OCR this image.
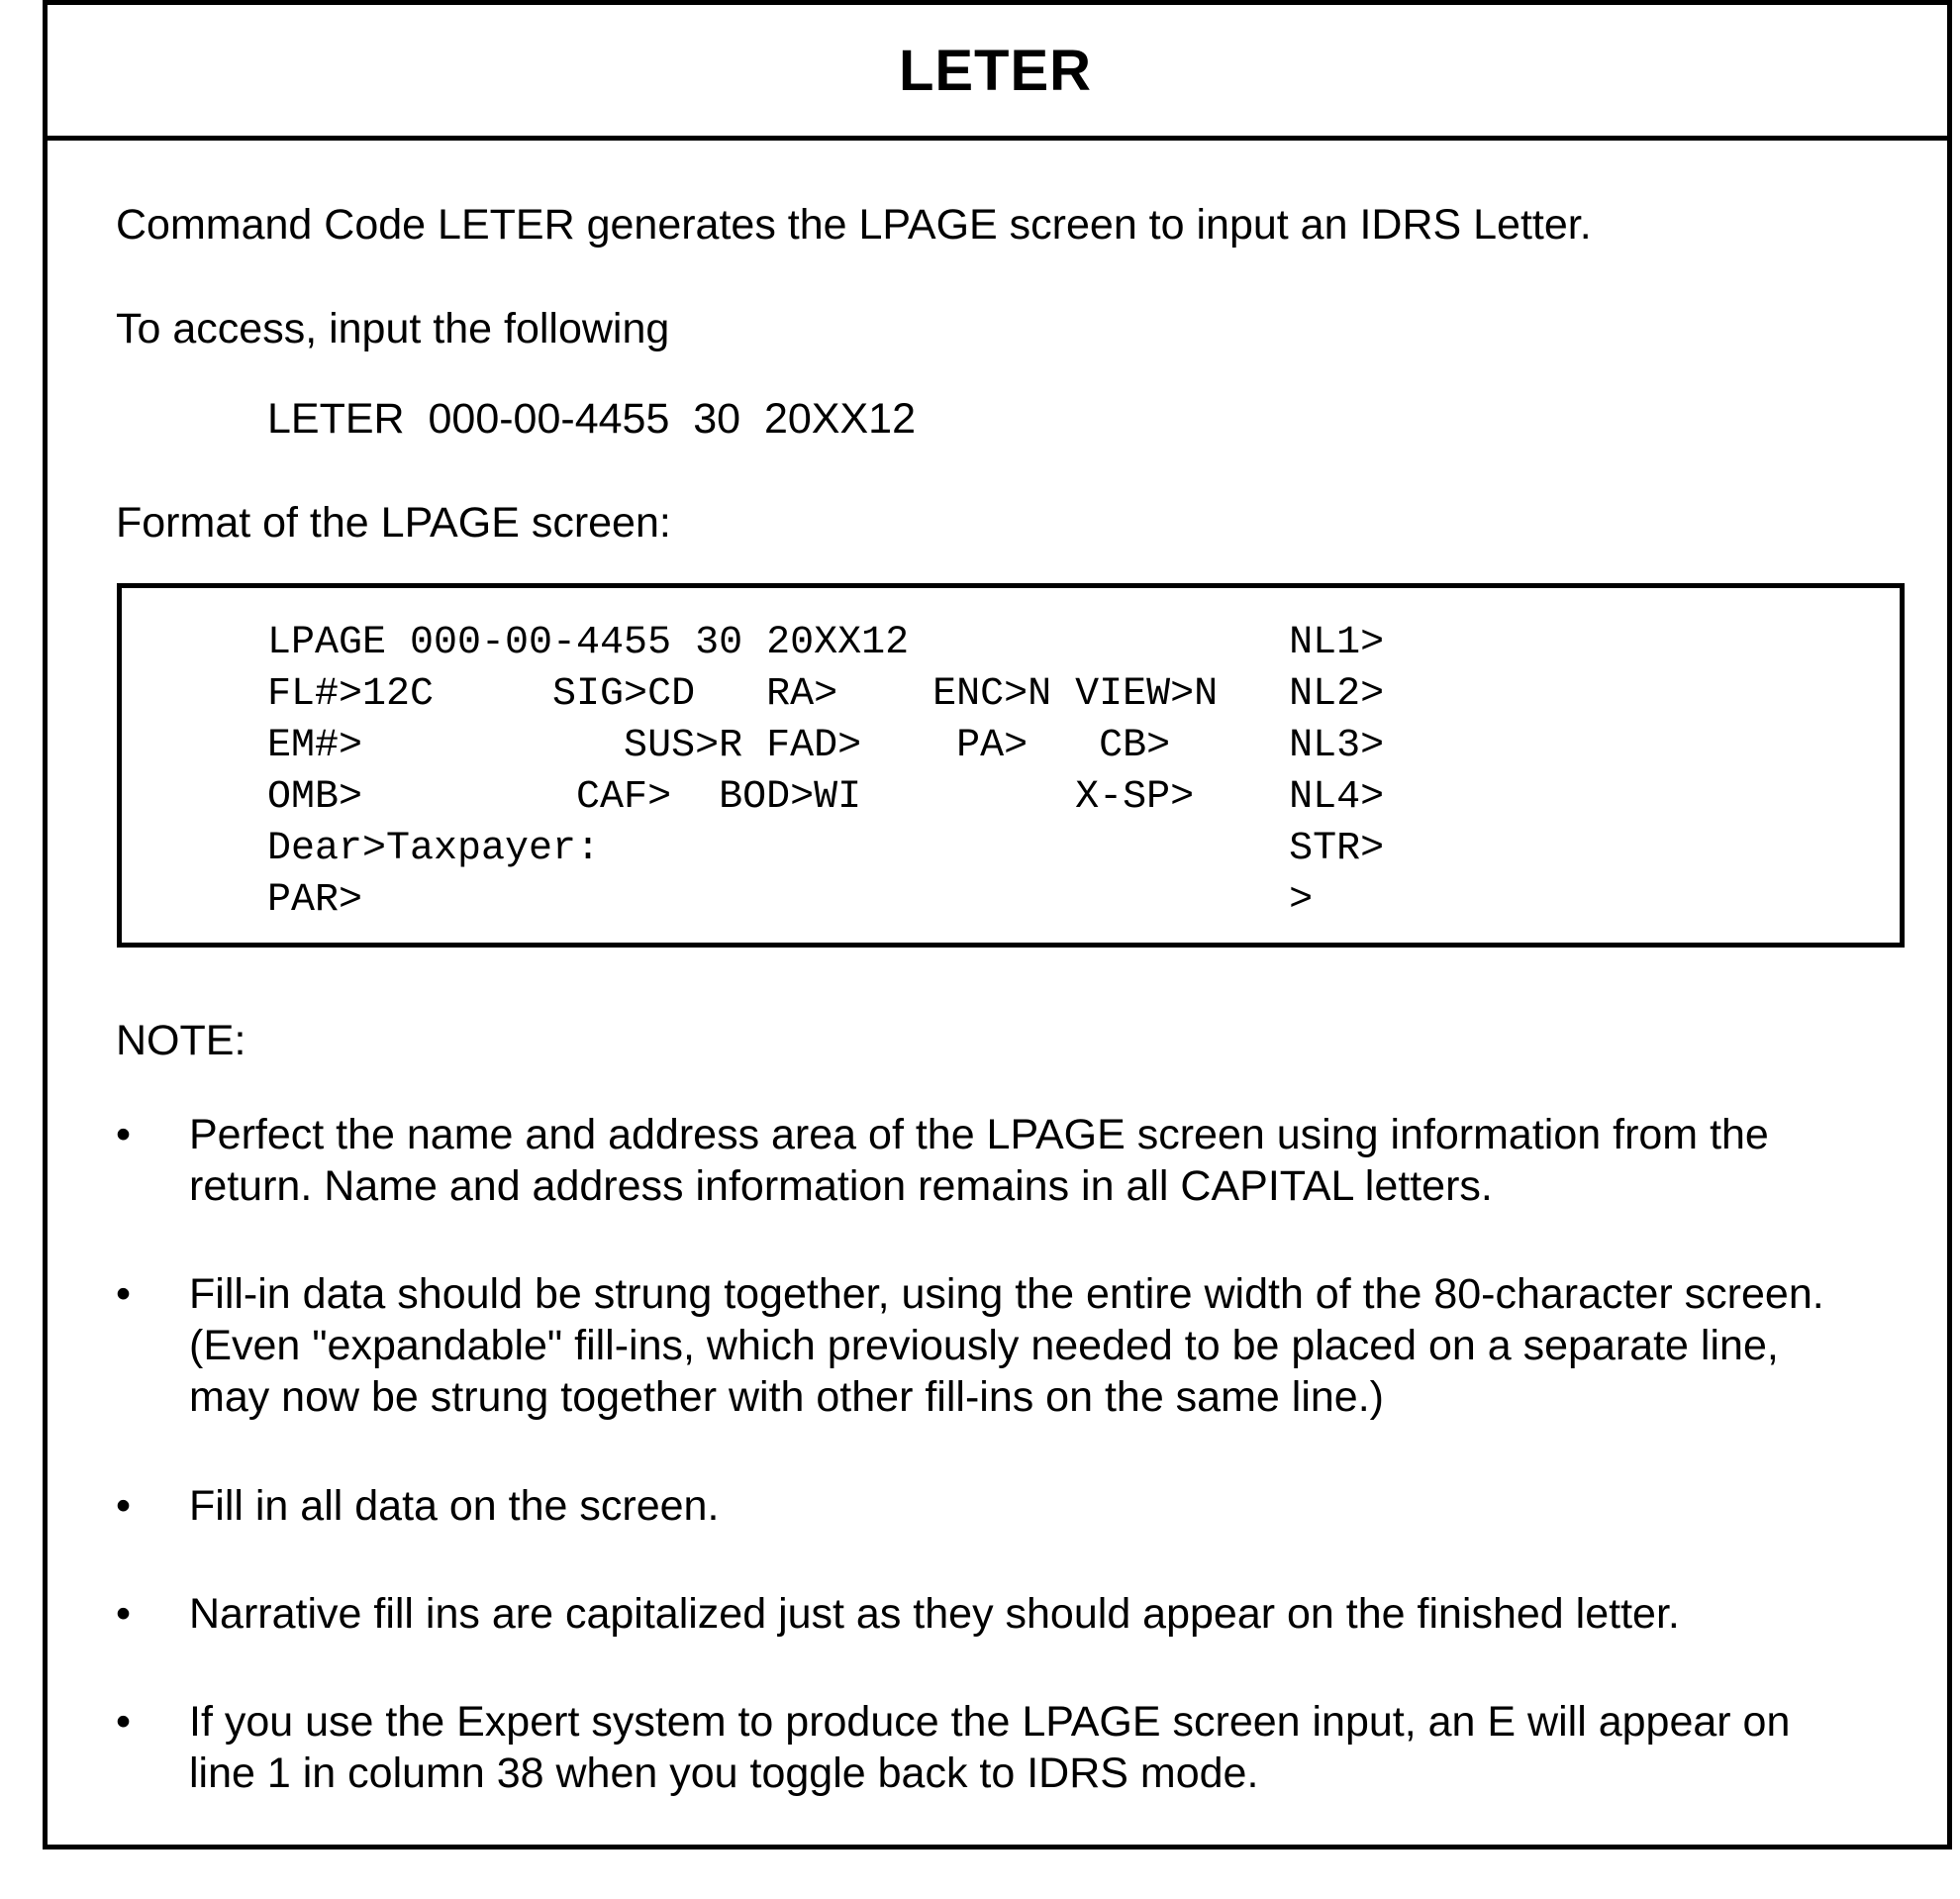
LETER

Command Code LETER generates the LPAGE screen to input an IDRS Letter.

To access, input the following

LETER  000-00-4455  30  20XX12

Format of the LPAGE screen:

LPAGE 000-00-4455 30 20XX12                NL1>

FL#>12C     SIG>CD   RA>    ENC>N VIEW>N   NL2>

EM#>           SUS>R FAD>    PA>   CB>     NL3>

OMB>         CAF>  BOD>WI         X-SP>    NL4>

Dear>Taxpayer:                             STR>

PAR>                                       >

NOTE:

• Perfect the name and address area of the LPAGE screen using information from the
return. Name and address information remains in all CAPITAL letters.

• Fill-in data should be strung together, using the entire width of the 80-character screen.
(Even "expandable" fill-ins, which previously needed to be placed on a separate line,
may now be strung together with other fill-ins on the same line.)

• Fill in all data on the screen.

• Narrative fill ins are capitalized just as they should appear on the finished letter.

• If you use the Expert system to produce the LPAGE screen input, an E will appear on
line 1 in column 38 when you toggle back to IDRS mode.
